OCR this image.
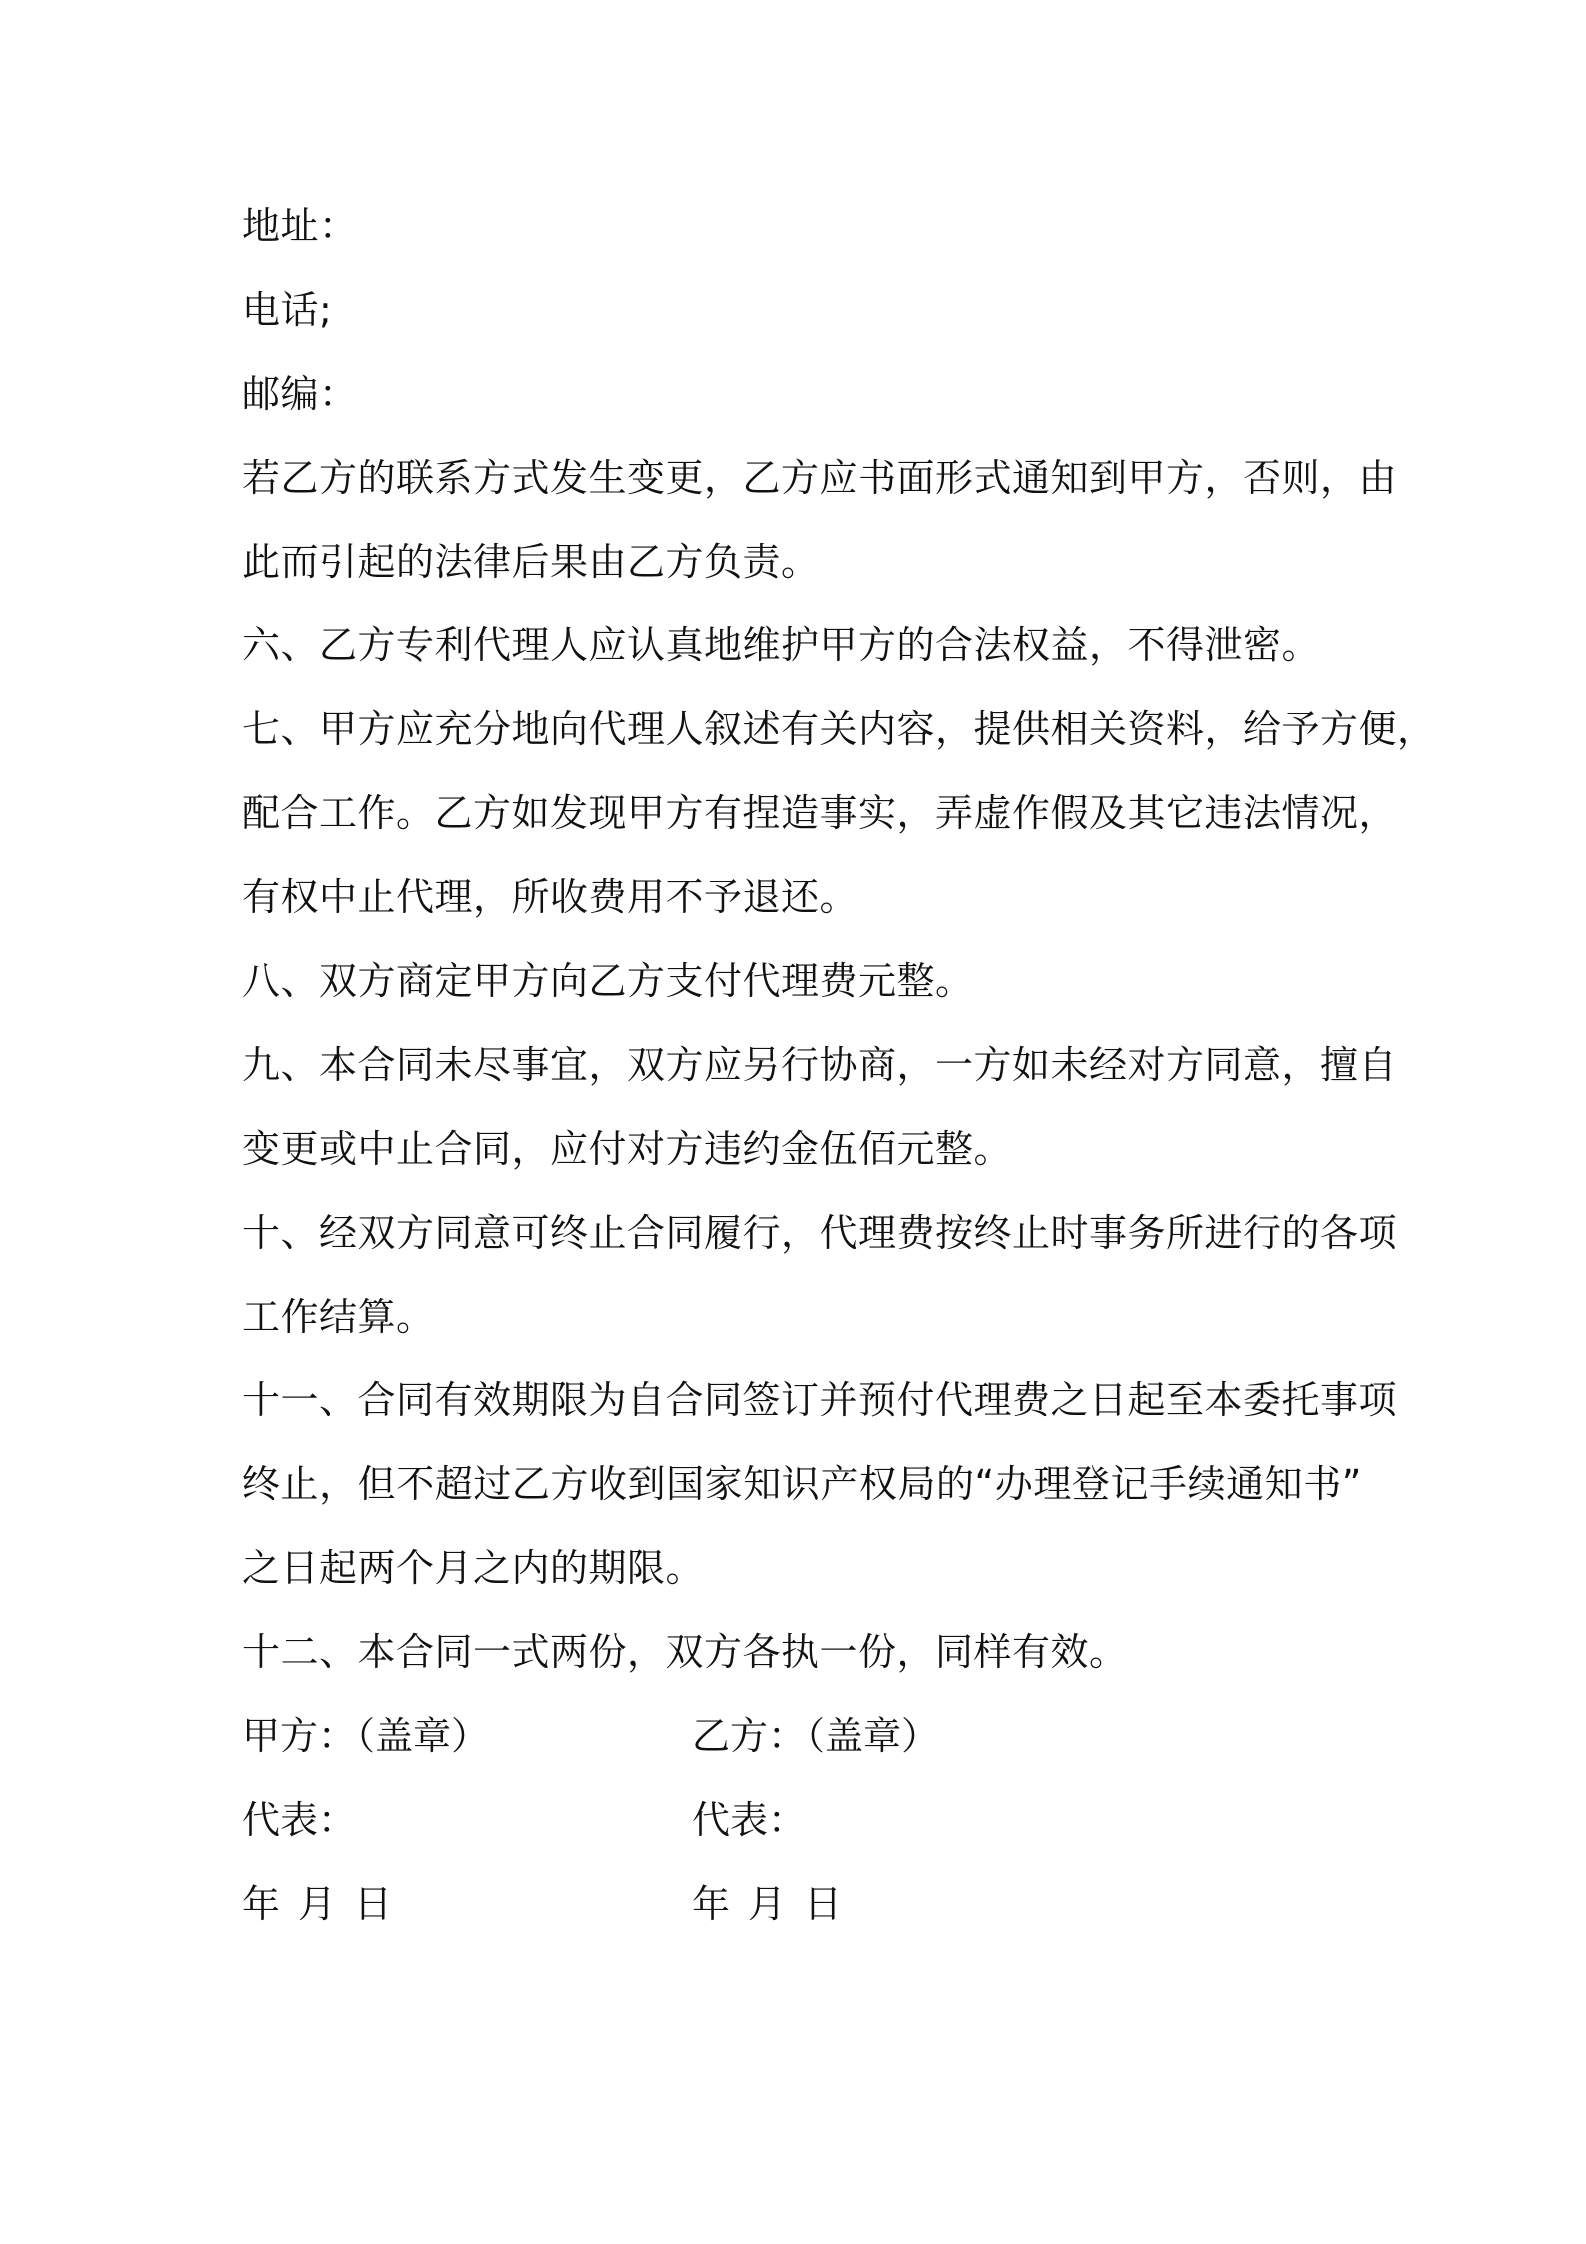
地址：
电话;
邮编：
若乙方的联系方式发生变更，乙方应书面形式通知到甲方，否则，由
此而引起的法律后果由乙方负责。
六、乙方专利代理人应认真地维护甲方的合法权益，不得泄密。
七、甲方应充分地向代理人叙述有关内容，提供相关资料，给予方便，
配合工作。乙方如发现甲方有捏造事实，弄虚作假及其它违法情况，
有权中止代理，所收费用不予退还。
八、双方商定甲方向乙方支付代理费元整。
九、本合同未尽事宜，双方应另行协商，一方如未经对方同意，擅自
变更或中止合同，应付对方违约金伍佰元整。
十、经双方同意可终止合同履行，代理费按终止时事务所进行的各项
工作结算。
十一、合同有效期限为自合同签订并预付代理费之日起至本委托事项
终止，但不超过乙方收到国家知识产权局的“办理登记手续通知书”
之日起两个月之内的期限。
十二、本合同一式两份，双方各执一份，同样有效。
甲方：（盖章）	乙方：（盖章）
代表：	代表：
年 月 日	年 月 日
